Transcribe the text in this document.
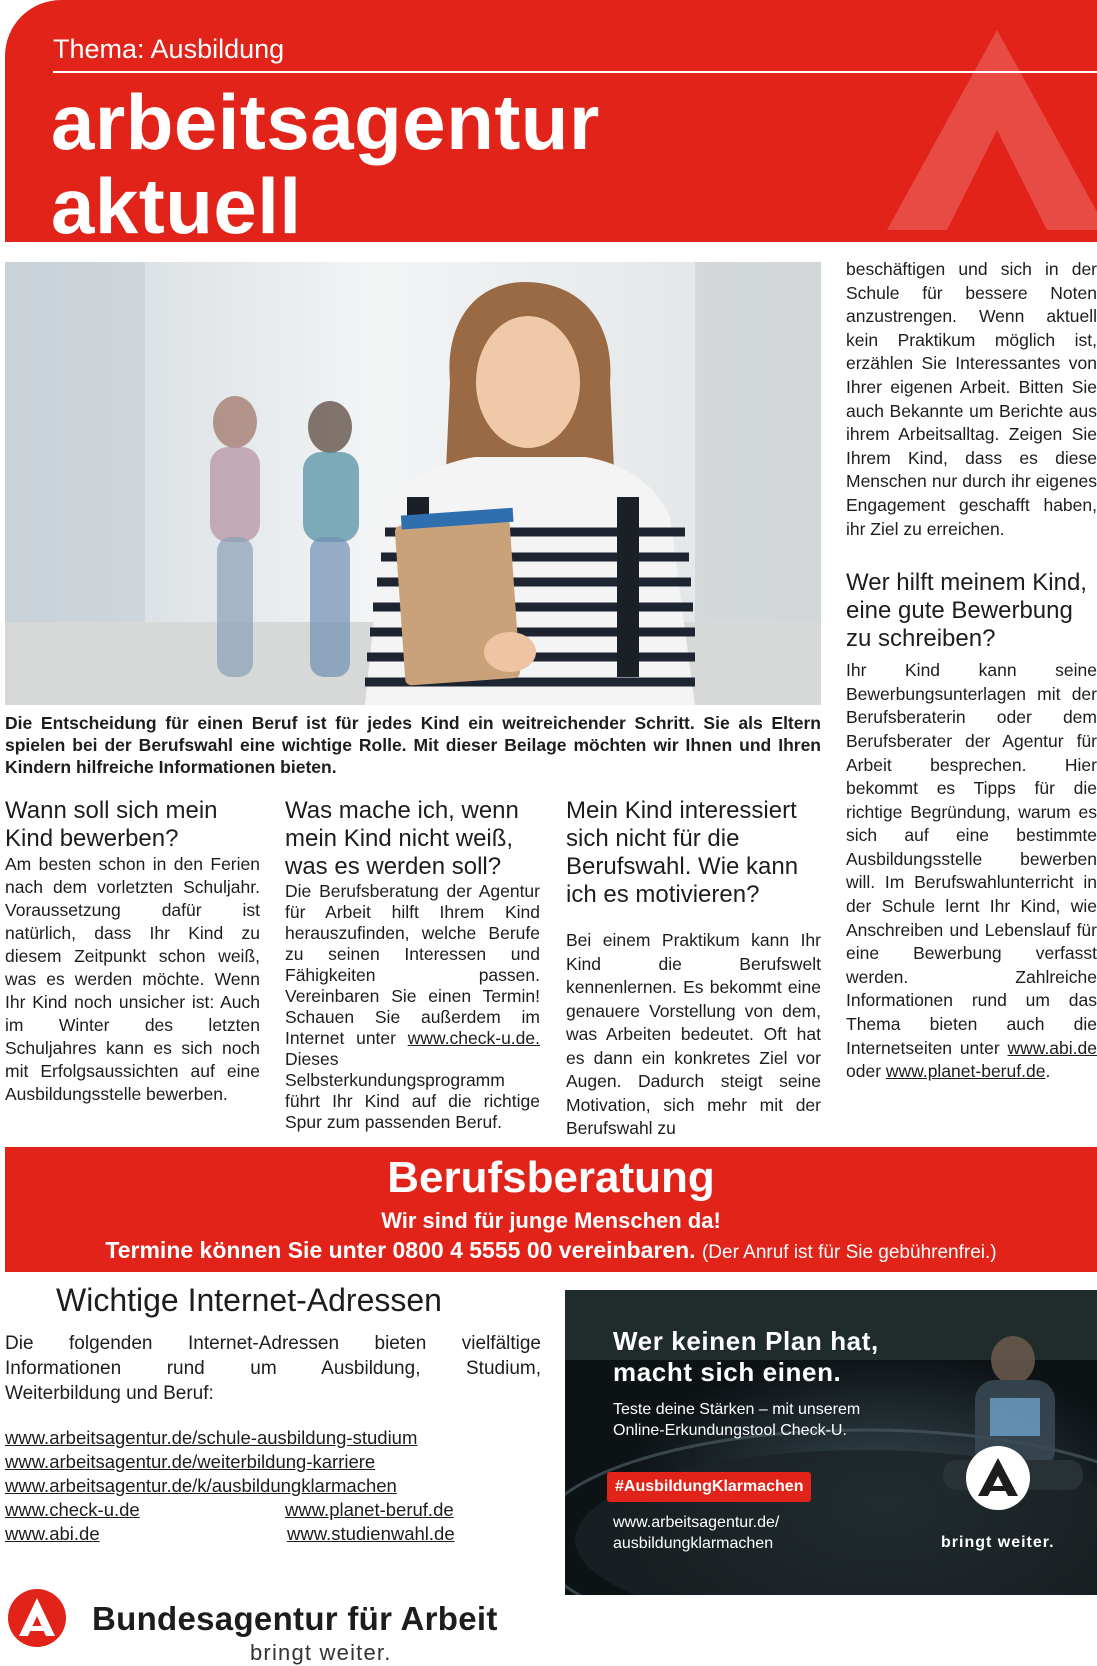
Thema: Ausbildung
arbeitsagentur
aktuell
Die Entscheidung für einen Beruf ist für jedes Kind ein weitreichender Schritt. Sie als Eltern spielen bei der Berufswahl eine wichtige Rolle. Mit dieser Beilage möchten wir Ihnen und Ihren Kindern hilfreiche Informationen bieten.
Wann soll sich mein Kind bewerben?

Am besten schon in den Ferien nach dem vorletzten Schuljahr. Voraussetzung dafür ist natürlich, dass Ihr Kind zu diesem Zeitpunkt schon weiß, was es werden möchte. Wenn Ihr Kind noch unsicher ist: Auch im Winter des letzten Schuljahres kann es sich noch mit Erfolgsaussichten auf eine Ausbildungsstelle bewerben.

Was mache ich, wenn mein Kind nicht weiß, was es werden soll?

Die Berufsberatung der Agentur für Arbeit hilft Ihrem Kind herauszufinden, welche Berufe zu seinen Interessen und Fähigkeiten passen. Vereinbaren Sie einen Termin! Schauen Sie außerdem im Internet unter www.check-u.de. Dieses Selbsterkundungsprogramm führt Ihr Kind auf die richtige Spur zum passenden Beruf.

Mein Kind interessiert sich nicht für die Berufswahl. Wie kann ich es motivieren?

Bei einem Praktikum kann Ihr Kind die Berufswelt kennenlernen. Es bekommt eine genauere Vorstellung von dem, was Arbeiten bedeutet. Oft hat es dann ein konkretes Ziel vor Augen. Dadurch steigt seine Motivation, sich mehr mit der Berufswahl zu

beschäftigen und sich in der Schule für bessere Noten anzustrengen. Wenn aktuell kein Praktikum möglich ist, erzählen Sie Interessantes von Ihrer eigenen Arbeit. Bitten Sie auch Bekannte um Berichte aus ihrem Arbeitsalltag. Zeigen Sie Ihrem Kind, dass es diese Menschen nur durch ihr eigenes Engagement geschafft haben, ihr Ziel zu erreichen.

Wer hilft meinem Kind, eine gute Bewerbung zu schreiben?

Ihr Kind kann seine Bewerbungsunterlagen mit der Berufsberaterin oder dem Berufsberater der Agentur für Arbeit besprechen. Hier bekommt es Tipps für die richtige Begründung, warum es sich auf eine bestimmte Ausbildungsstelle bewerben will. Im Berufswahlunterricht in der Schule lernt Ihr Kind, wie Anschreiben und Lebenslauf für eine Bewerbung verfasst werden. Zahlreiche Informationen rund um das Thema bieten auch die Internetseiten unter www.abi.de oder www.planet-beruf.de.

Berufsberatung
Wir sind für junge Menschen da!
Termine können Sie unter 0800 4 5555 00 vereinbaren. (Der Anruf ist für Sie gebührenfrei.)
Wichtige Internet-Adressen
Die folgenden Internet-Adressen bieten vielfältige
Informationen rund um Ausbildung, Studium,
Weiterbildung und Beruf:
www.arbeitsagentur.de/schule-ausbildung-studium
www.arbeitsagentur.de/weiterbildung-karriere
www.arbeitsagentur.de/k/ausbildungklarmachen
www.check-u.de	www.planet-beruf.de
www.abi.de	www.studienwahl.de
Wer keinen Plan hat,
macht sich einen.
Teste deine Stärken – mit unserem
Online-Erkundungstool Check-U.
#AusbildungKlarmachen
www.arbeitsagentur.de/
ausbildungklarmachen	bringt weiter.
Bundesagentur für Arbeit
bringt weiter.
